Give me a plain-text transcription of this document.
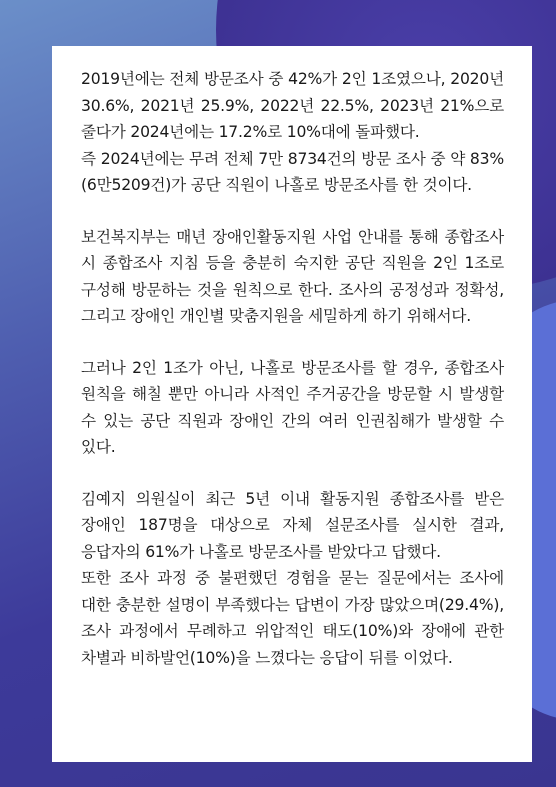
2019년에는 전체 방문조사 중 42%가 2인 1조였으나, 2020년 30.6%, 2021년 25.9%, 2022년 22.5%, 2023년 21%으로 줄다가 2024년에는 17.2%로 10%대에 돌파했다.
즉 2024년에는 무려 전체 7만 8734건의 방문 조사 중 약 83%(6만5209건)가 공단 직원이 나홀로 방문조사를 한 것이다.

보건복지부는 매년 장애인활동지원 사업 안내를 통해 종합조사 시 종합조사 지침 등을 충분히 숙지한 공단 직원을 2인 1조로 구성해 방문하는 것을 원칙으로 한다. 조사의 공정성과 정확성, 그리고 장애인 개인별 맞춤지원을 세밀하게 하기 위해서다.

그러나 2인 1조가 아닌, 나홀로 방문조사를 할 경우, 종합조사 원칙을 해칠 뿐만 아니라 사적인 주거공간을 방문할 시 발생할 수 있는 공단 직원과 장애인 간의 여러 인권침해가 발생할 수 있다.

김예지 의원실이 최근 5년 이내 활동지원 종합조사를 받은 장애인 187명을 대상으로 자체 설문조사를 실시한 결과, 응답자의 61%가 나홀로 방문조사를 받았다고 답했다.
또한 조사 과정 중 불편했던 경험을 묻는 질문에서는 조사에 대한 충분한 설명이 부족했다는 답변이 가장 많았으며(29.4%), 조사 과정에서 무례하고 위압적인 태도(10%)와 장애에 관한 차별과 비하발언(10%)을 느꼈다는 응답이 뒤를 이었다.
